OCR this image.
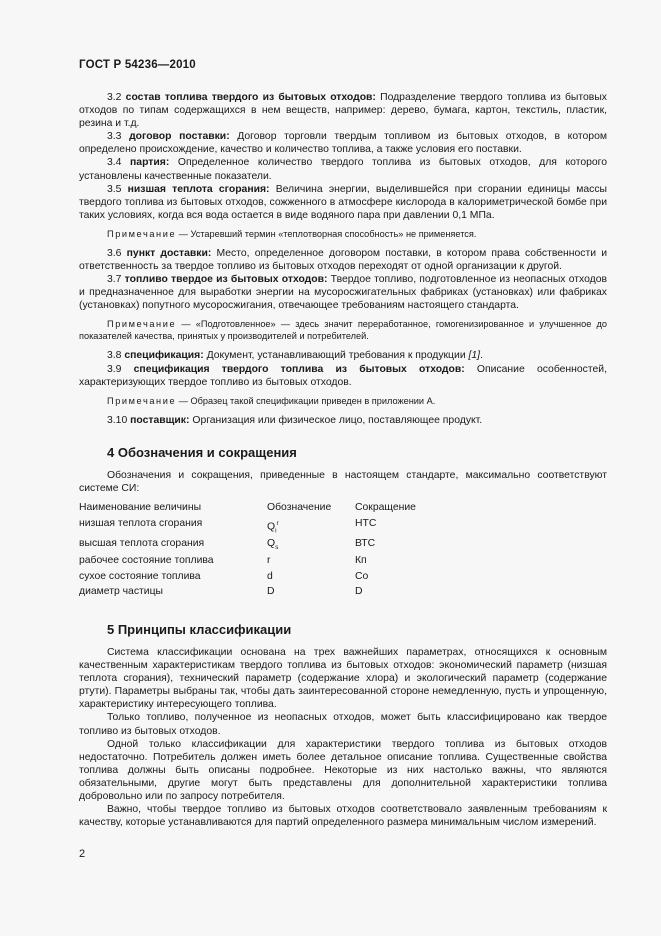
ГОСТ Р 54236—2010

3.2 состав топлива твердого из бытовых отходов: Подразделение твердого топлива из бытовых отходов по типам содержащихся в нем веществ, например: дерево, бумага, картон, текстиль, пластик, резина и т.д.

3.3 договор поставки: Договор торговли твердым топливом из бытовых отходов, в котором определено происхождение, качество и количество топлива, а также условия его поставки.

3.4 партия: Определенное количество твердого топлива из бытовых отходов, для которого установлены качественные показатели.

3.5 низшая теплота сгорания: Величина энергии, выделившейся при сгорании единицы массы твердого топлива из бытовых отходов, сожженного в атмосфере кислорода в калориметрической бомбе при таких условиях, когда вся вода остается в виде водяного пара при давлении 0,1 МПа.

Примечание — Устаревший термин «теплотворная способность» не применяется.

3.6 пункт доставки: Место, определенное договором поставки, в котором права собственности и ответственность за твердое топливо из бытовых отходов переходят от одной организации к другой.

3.7 топливо твердое из бытовых отходов: Твердое топливо, подготовленное из неопасных отходов и предназначенное для выработки энергии на мусоросжигательных фабриках (установках) или фабриках (установках) попутного мусоросжигания, отвечающее требованиям настоящего стандарта.

Примечание — «Подготовленное» — здесь значит переработанное, гомогенизированное и улучшенное до показателей качества, принятых у производителей и потребителей.

3.8 спецификация: Документ, устанавливающий требования к продукции [1].

3.9 спецификация твердого топлива из бытовых отходов: Описание особенностей, характеризующих твердое топливо из бытовых отходов.

Примечание — Образец такой спецификации приведен в приложении А.

3.10 поставщик: Организация или физическое лицо, поставляющее продукт.

4 Обозначения и сокращения

Обозначения и сокращения, приведенные в настоящем стандарте, максимально соответствуют системе СИ:

Наименование величины	Обозначение	Сокращение
низшая теплота сгорания	$Q_i^r$	НТС
высшая теплота сгорания	$Q_s$	ВТС
рабочее состояние топлива	r	Кп
сухое состояние топлива	d	Со
диаметр частицы	D	D
5 Принципы классификации

Система классификации основана на трех важнейших параметрах, относящихся к основным качественным характеристикам твердого топлива из бытовых отходов: экономический параметр (низшая теплота сгорания), технический параметр (содержание хлора) и экологический параметр (содержание ртути). Параметры выбраны так, чтобы дать заинтересованной стороне немедленную, пусть и упрощенную, характеристику интересующего топлива.

Только топливо, полученное из неопасных отходов, может быть классифицировано как твердое топливо из бытовых отходов.

Одной только классификации для характеристики твердого топлива из бытовых отходов недостаточно. Потребитель должен иметь более детальное описание топлива. Существенные свойства топлива должны быть описаны подробнее. Некоторые из них настолько важны, что являются обязательными, другие могут быть представлены для дополнительной характеристики топлива добровольно или по запросу потребителя.

Важно, чтобы твердое топливо из бытовых отходов соответствовало заявленным требованиям к качеству, которые устанавливаются для партий определенного размера минимальным числом измерений.

2
